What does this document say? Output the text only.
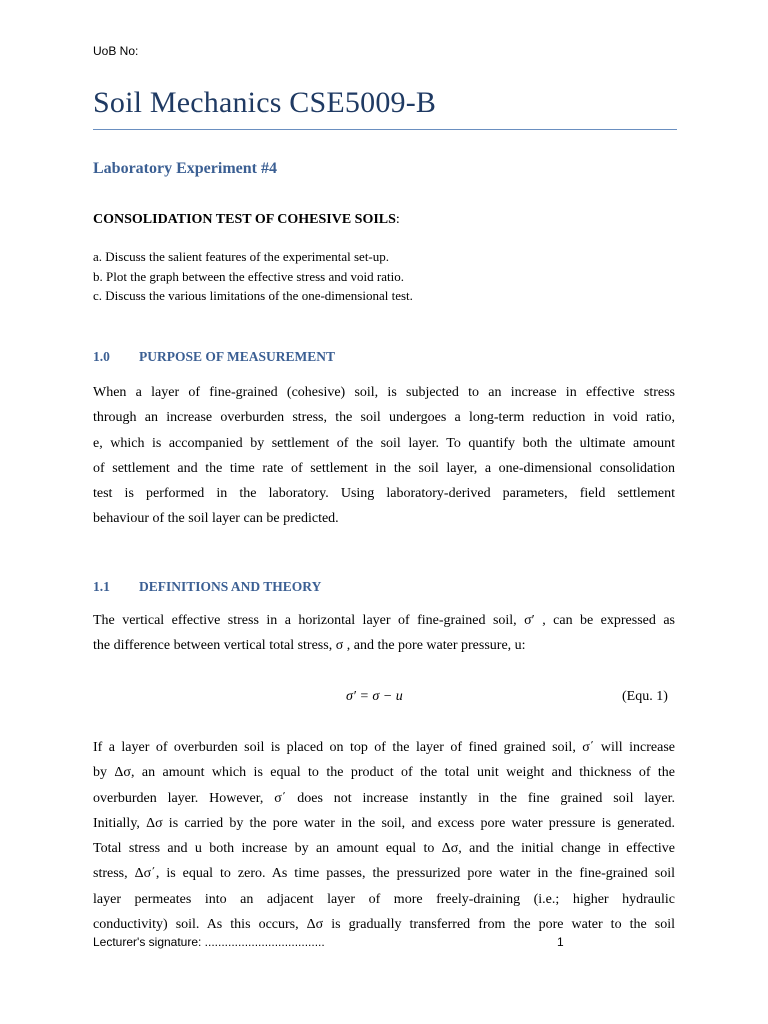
UoB No:
Soil Mechanics CSE5009-B
Laboratory Experiment #4
CONSOLIDATION TEST OF COHESIVE SOILS:
a. Discuss the salient features of the experimental set-up.
b. Plot the graph between the effective stress and void ratio.
c. Discuss the various limitations of the one-dimensional test.
1.0 PURPOSE OF MEASUREMENT
When a layer of fine-grained (cohesive) soil, is subjected to an increase in effective stress
through an increase overburden stress, the soil undergoes a long-term reduction in void ratio,
e, which is accompanied by settlement of the soil layer. To quantify both the ultimate amount
of settlement and the time rate of settlement in the soil layer, a one-dimensional consolidation
test is performed in the laboratory. Using laboratory-derived parameters, field settlement
behaviour of the soil layer can be predicted.
1.1 DEFINITIONS AND THEORY
The vertical effective stress in a horizontal layer of fine-grained soil, σ′ , can be expressed as
the difference between vertical total stress, σ , and the pore water pressure, u:
σ′ = σ − u	(Equ. 1)
If a layer of overburden soil is placed on top of the layer of fined grained soil, σ΄ will increase
by Δσ, an amount which is equal to the product of the total unit weight and thickness of the
overburden layer. However, σ΄ does not increase instantly in the fine grained soil layer.
Initially, Δσ is carried by the pore water in the soil, and excess pore water pressure is generated.
Total stress and u both increase by an amount equal to Δσ, and the initial change in effective
stress, Δσ΄, is equal to zero. As time passes, the pressurized pore water in the fine-grained soil
layer permeates into an adjacent layer of more freely-draining (i.e.; higher hydraulic
conductivity) soil. As this occurs, Δσ is gradually transferred from the pore water to the soil
Lecturer's signature: ....................................	1
